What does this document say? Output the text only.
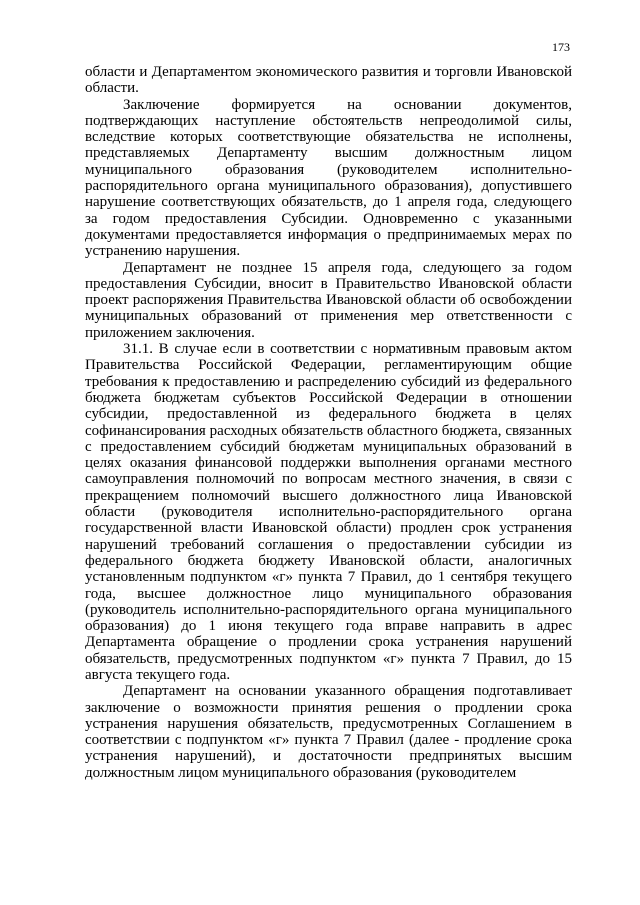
173

области и Департаментом экономического развития и торговли Ивановской области.

Заключение формируется на основании документов, подтверждающих наступление обстоятельств непреодолимой силы, вследствие которых соответствующие обязательства не исполнены, представляемых Департаменту высшим должностным лицом муниципального образования (руководителем исполнительно-распорядительного органа муниципального образования), допустившего нарушение соответствующих обязательств, до 1 апреля года, следующего за годом предоставления Субсидии. Одновременно с указанными документами предоставляется информация о предпринимаемых мерах по устранению нарушения.

Департамент не позднее 15 апреля года, следующего за годом предоставления Субсидии, вносит в Правительство Ивановской области проект распоряжения Правительства Ивановской области об освобождении муниципальных образований от применения мер ответственности с приложением заключения.

31.1. В случае если в соответствии с нормативным правовым актом Правительства Российской Федерации, регламентирующим общие требования к предоставлению и распределению субсидий из федерального бюджета бюджетам субъектов Российской Федерации в отношении субсидии, предоставленной из федерального бюджета в целях софинансирования расходных обязательств областного бюджета, связанных с предоставлением субсидий бюджетам муниципальных образований в целях оказания финансовой поддержки выполнения органами местного самоуправления полномочий по вопросам местного значения, в связи с прекращением полномочий высшего должностного лица Ивановской области (руководителя исполнительно-распорядительного органа государственной власти Ивановской области) продлен срок устранения нарушений требований соглашения о предоставлении субсидии из федерального бюджета бюджету Ивановской области, аналогичных установленным подпунктом «г» пункта 7 Правил, до 1 сентября текущего года, высшее должностное лицо муниципального образования (руководитель исполнительно-распорядительного органа муниципального образования) до 1 июня текущего года вправе направить в адрес Департамента обращение о продлении срока устранения нарушений обязательств, предусмотренных подпунктом «г» пункта 7 Правил, до 15 августа текущего года.

Департамент на основании указанного обращения подготавливает заключение о возможности принятия решения о продлении срока устранения нарушения обязательств, предусмотренных Соглашением в соответствии с подпунктом «г» пункта 7 Правил (далее - продление срока устранения нарушений), и достаточности предпринятых высшим должностным лицом муниципального образования (руководителем
